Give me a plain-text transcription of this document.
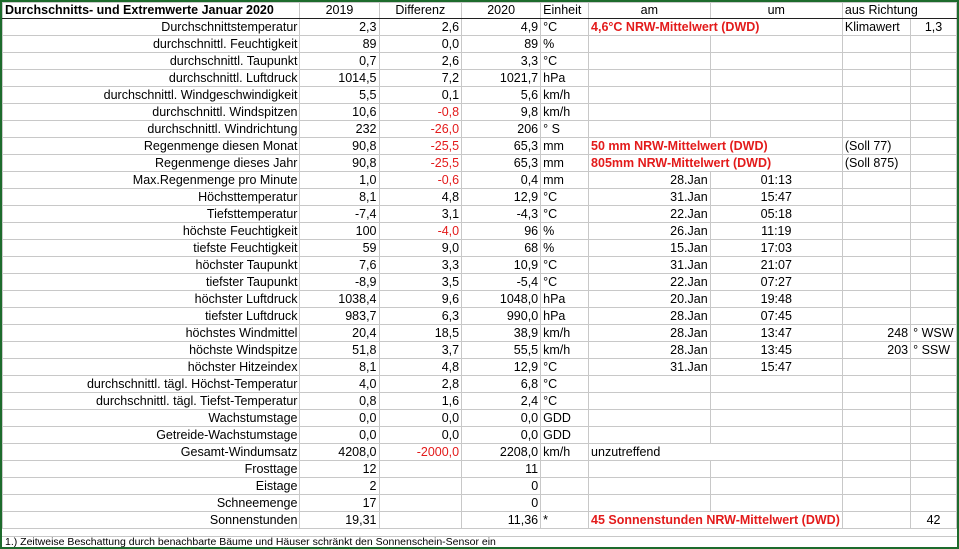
Durchschnitts- und Extremwerte Januar 2020	2019	Differenz	2020	Einheit	am	um	aus Richtung	
Durchschnittstemperatur	2,3	2,6	4,9	°C	4,6°C NRW-Mittelwert (DWD)		Klimawert	1,3
durchschnittl. Feuchtigkeit	89	0,0	89	%				
durchschnittl. Taupunkt	0,7	2,6	3,3	°C				
durchschnittl. Luftdruck	1014,5	7,2	1021,7	hPa				
durchschnittl. Windgeschwindigkeit	5,5	0,1	5,6	km/h				
durchschnittl. Windspitzen	10,6	-0,8	9,8	km/h				
durchschnittl. Windrichtung	232	-26,0	206	° S				
Regenmenge diesen Monat	90,8	-25,5	65,3	mm	50 mm NRW-Mittelwert (DWD)		(Soll 77)	
Regenmenge dieses Jahr	90,8	-25,5	65,3	mm	805mm NRW-Mittelwert (DWD)		(Soll 875)	
Max.Regenmenge pro Minute	1,0	-0,6	0,4	mm	28.Jan	01:13		
Höchsttemperatur	8,1	4,8	12,9	°C	31.Jan	15:47		
Tiefsttemperatur	-7,4	3,1	-4,3	°C	22.Jan	05:18		
höchste Feuchtigkeit	100	-4,0	96	%	26.Jan	11:19		
tiefste Feuchtigkeit	59	9,0	68	%	15.Jan	17:03		
höchster Taupunkt	7,6	3,3	10,9	°C	31.Jan	21:07		
tiefster Taupunkt	-8,9	3,5	-5,4	°C	22.Jan	07:27		
höchster Luftdruck	1038,4	9,6	1048,0	hPa	20.Jan	19:48		
tiefster Luftdruck	983,7	6,3	990,0	hPa	28.Jan	07:45		
höchstes Windmittel	20,4	18,5	38,9	km/h	28.Jan	13:47	248	° WSW
höchste Windspitze	51,8	3,7	55,5	km/h	28.Jan	13:45	203	° SSW
höchster Hitzeindex	8,1	4,8	12,9	°C	31.Jan	15:47		
durchschnittl. tägl. Höchst-Temperatur	4,0	2,8	6,8	°C				
durchschnittl. tägl. Tiefst-Temperatur	0,8	1,6	2,4	°C				
Wachstumstage	0,0	0,0	0,0	GDD				
Getreide-Wachstumstage	0,0	0,0	0,0	GDD				
Gesamt-Windumsatz	4208,0	-2000,0	2208,0	km/h	unzutreffend			
Frosttage	12		11					
Eistage	2		0					
Schneemenge	17		0					
Sonnenstunden	19,31		11,36	*	45 Sonnenstunden NRW-Mittelwert (DWD)			42
1.) Zeitweise Beschattung durch benachbarte Bäume und Häuser schränkt den Sonnenschein-Sensor ein
